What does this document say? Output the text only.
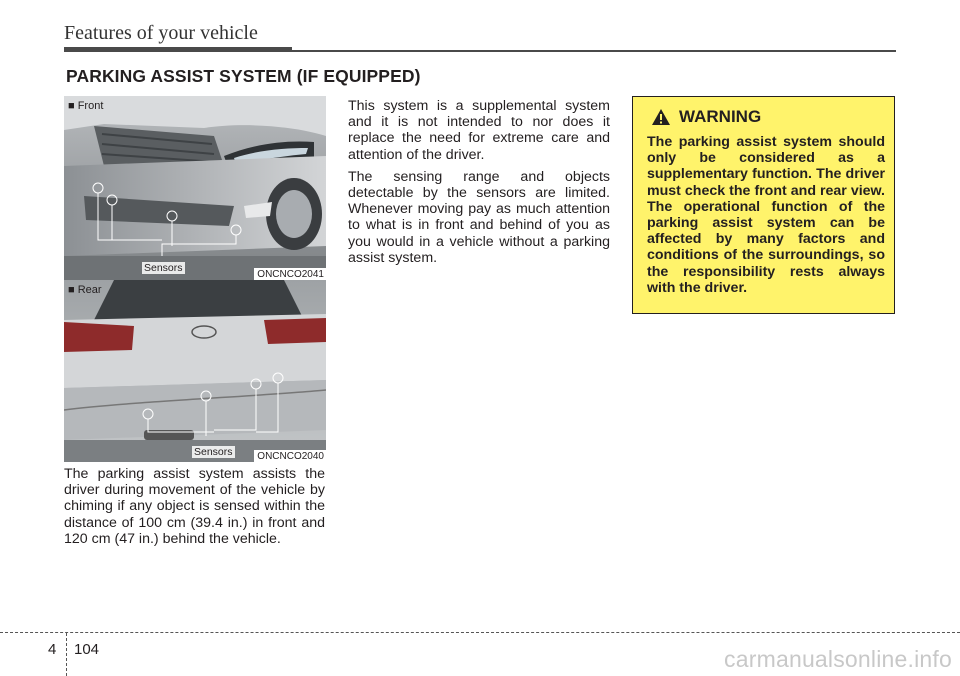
Features of your vehicle
PARKING ASSIST SYSTEM (IF EQUIPPED)
■ Front
Sensors
ONCNCO2041
■ Rear
Sensors	ONCNCO2040

The parking assist system assists the driver during movement of the vehicle by chiming if any object is sensed within the distance of 100 cm (39.4 in.) in front and 120 cm (47 in.) behind the vehicle.

This system is a supplemental system and it is not intended to nor does it replace the need for extreme care and attention of the driver.

The sensing range and objects detectable by the sensors are limited. Whenever moving pay as much attention to what is in front and behind of you as you would in a vehicle without a parking assist system.

WARNING
The parking assist system should only be considered as a supplementary function. The driver must check the front and rear view. The operational function of the parking assist system can be affected by many factors and conditions of the surroundings, so the responsibility rests always with the driver.
4 104	carmanualsonline.info
